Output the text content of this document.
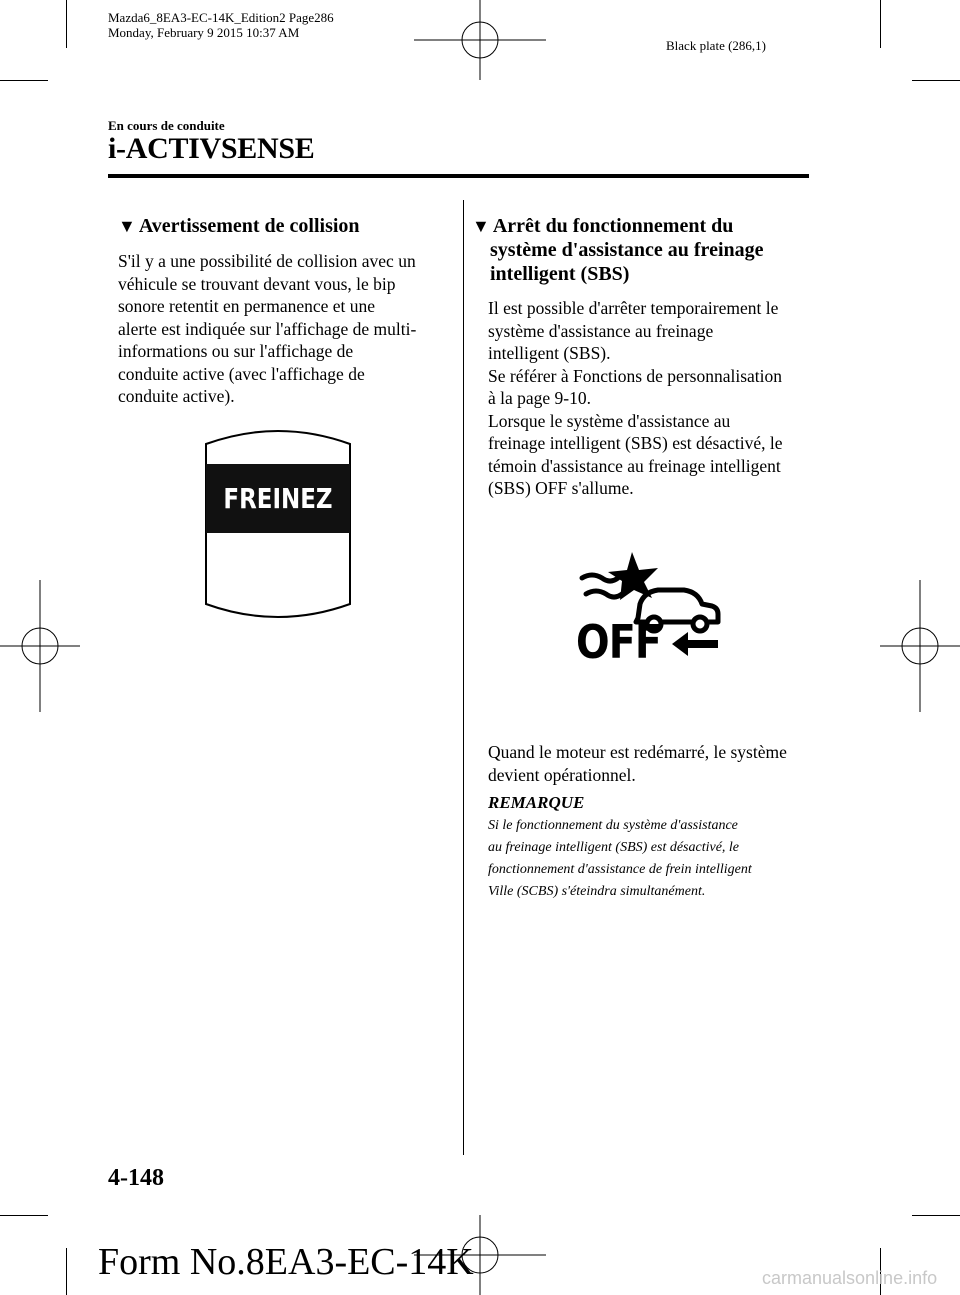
Mazda6_8EA3-EC-14K_Edition2 Page286
Monday, February 9 2015 10:37 AM
Black plate (286,1)
En cours de conduite
i-ACTIVSENSE
▼ Avertissement de collision
S'il y a une possibilité de collision avec un
véhicule se trouvant devant vous, le bip
sonore retentit en permanence et une
alerte est indiquée sur l'affichage de multi-
informations ou sur l'affichage de
conduite active (avec l'affichage de
conduite active).
FREINEZ !
▼ Arrêt du fonctionnement du
système d'assistance au freinage
intelligent (SBS)
Il est possible d'arrêter temporairement le
système d'assistance au freinage
intelligent (SBS).
Se référer à Fonctions de personnalisation
à la page 9-10.
Lorsque le système d'assistance au
freinage intelligent (SBS) est désactivé, le
témoin d'assistance au freinage intelligent
(SBS) OFF s'allume.
OFF
Quand le moteur est redémarré, le système
devient opérationnel.
REMARQUE
Si le fonctionnement du système d'assistance
au freinage intelligent (SBS) est désactivé, le
fonctionnement d'assistance de frein intelligent
Ville (SCBS) s'éteindra simultanément.
4-148
Form No.8EA3-EC-14K	carmanualsonline.info
